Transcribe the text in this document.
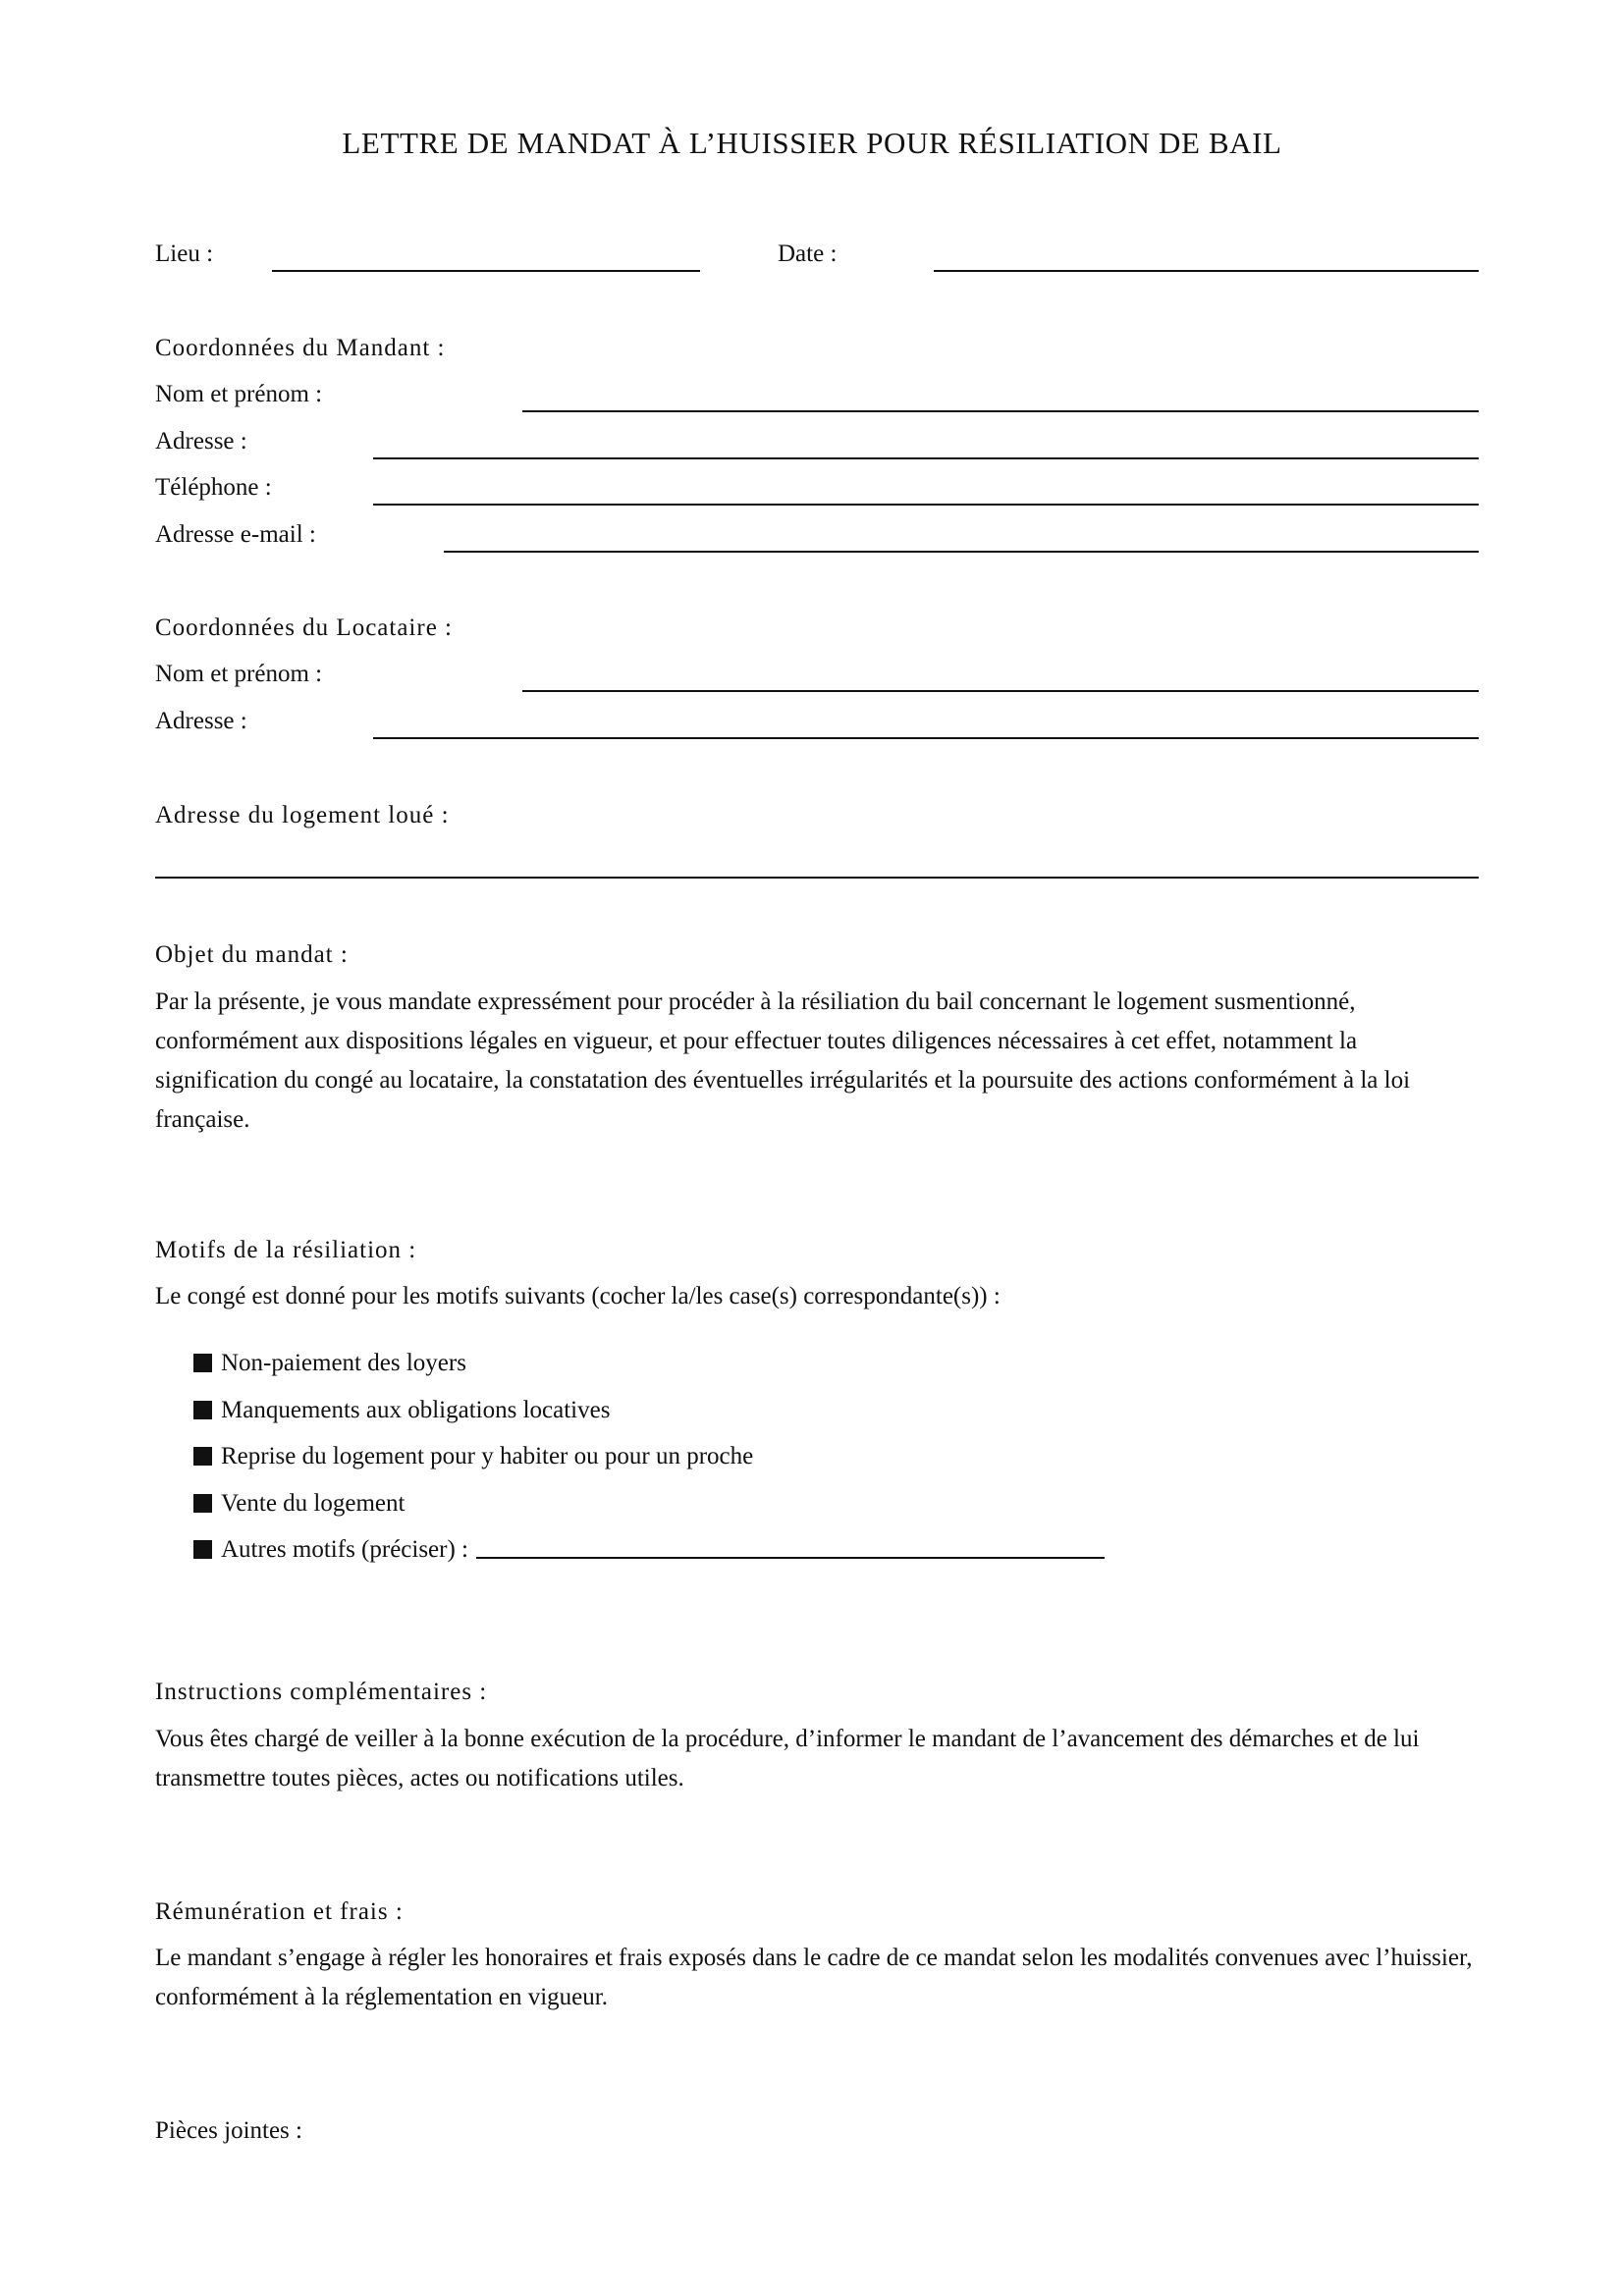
LETTRE DE MANDAT À L’HUISSIER POUR RÉSILIATION DE BAIL
Lieu :	Date :
Coordonnées du Mandant :
Nom et prénom :
Adresse :
Téléphone :
Adresse e-mail :
Coordonnées du Locataire :
Nom et prénom :
Adresse :
Adresse du logement loué :
Objet du mandat :
Par la présente, je vous mandate expressément pour procéder à la résiliation du bail concernant le logement susmentionné, conformément aux dispositions légales en vigueur, et pour effectuer toutes diligences nécessaires à cet effet, notamment la signification du congé au locataire, la constatation des éventuelles irrégularités et la poursuite des actions conformément à la loi française.
Motifs de la résiliation :
Le congé est donné pour les motifs suivants (cocher la/les case(s) correspondante(s)) :
Non-paiement des loyers
Manquements aux obligations locatives
Reprise du logement pour y habiter ou pour un proche
Vente du logement
Autres motifs (préciser) :
Instructions complémentaires :
Vous êtes chargé de veiller à la bonne exécution de la procédure, d’informer le mandant de l’avancement des démarches et de lui transmettre toutes pièces, actes ou notifications utiles.
Rémunération et frais :
Le mandant s’engage à régler les honoraires et frais exposés dans le cadre de ce mandat selon les modalités convenues avec l’huissier, conformément à la réglementation en vigueur.
Pièces jointes :
